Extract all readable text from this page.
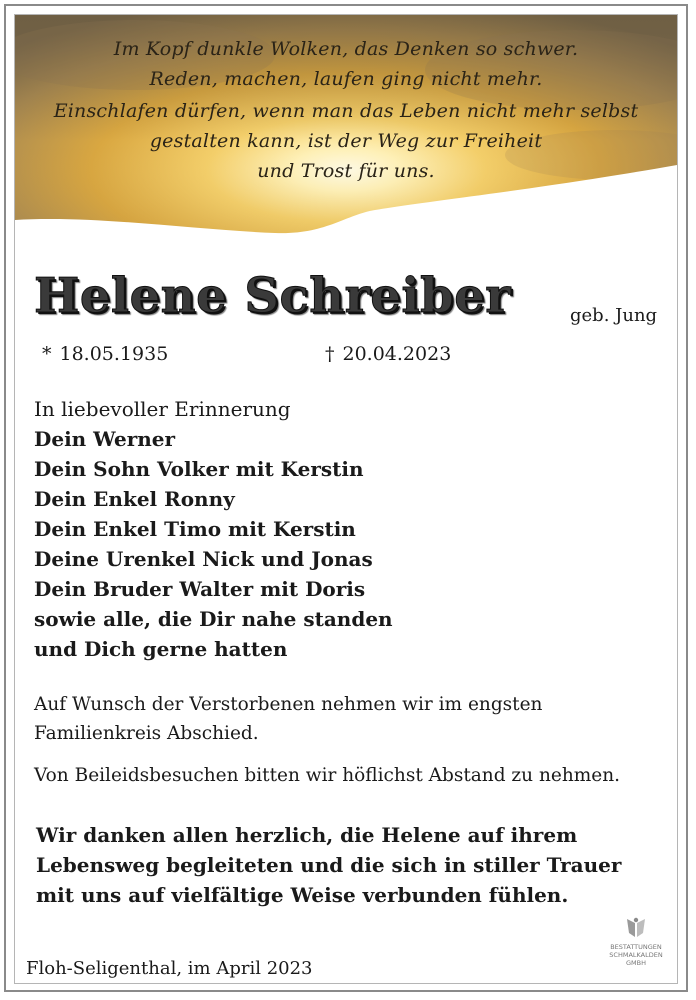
Im Kopf dunkle Wolken, das Denken so schwer.

Reden, machen, laufen ging nicht mehr.

Einschlafen dürfen, wenn man das Leben nicht mehr selbst

gestalten kann, ist der Weg zur Freiheit

und Trost für uns.

Helene Schreiber	geb. Jung
* 18.05.1935	† 20.04.2023
In liebevoller Erinnerung
Dein Werner
Dein Sohn Volker mit Kerstin
Dein Enkel Ronny
Dein Enkel Timo mit Kerstin
Deine Urenkel Nick und Jonas
Dein Bruder Walter mit Doris
sowie alle, die Dir nahe standen
und Dich gerne hatten
Auf Wunsch der Verstorbenen nehmen wir im engsten
Familienkreis Abschied.
Von Beileidsbesuchen bitten wir höflichst Abstand zu nehmen.
Wir danken allen herzlich, die Helene auf ihrem
Lebensweg begleiteten und die sich in stiller Trauer
mit uns auf vielfältige Weise verbunden fühlen.
Floh-Seligenthal, im April 2023
BESTATTUNGEN
SCHMALKALDEN
GMBH
